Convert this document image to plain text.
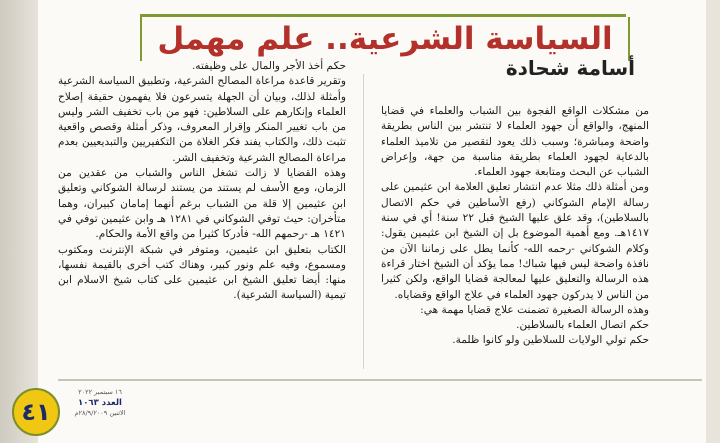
السياسة الشرعية.. علم مهمل
أسامة شحادة

من مشكلات الواقع الفجوة بين الشباب والعلماء في قضايا المنهج، والواقع أن جهود العلماء لا تنتشر بين الناس بطريقة واضحة ومباشرة؛ وسبب ذلك يعود لتقصير من تلاميذ العلماء بالدعاية لجهود العلماء بطريقة مناسبة من جهة، وإعراض الشباب عن البحث ومتابعة جهود العلماء.

ومن أمثلة ذلك مثلا عدم انتشار تعليق العلامة ابن عثيمين على رسالة الإمام الشوكاني (رفع الأساطين في حكم الاتصال بالسلاطين)، وقد علق عليها الشيخ قبل ٢٢ سنة! أي في سنة ١٤١٧هـ. ومع أهمية الموضوع بل إن الشيخ ابن عثيمين يقول: وكلام الشوكاني -رحمه الله- كأنما يطل على زماننا الآن من نافذة واضحة ليس فيها شباك! مما يؤكد أن الشيخ اختار قراءة هذه الرسالة والتعليق عليها لمعالجة قضايا الواقع، ولكن كثيرا من الناس لا يدركون جهود العلماء في علاج الواقع وقضاياه.

وهذه الرسالة الصغيرة تضمنت علاج قضايا مهمة هي:

حكم اتصال العلماء بالسلاطين.

حكم تولي الولايات للسلاطين ولو كانوا ظلمة.

حكم أخذ الأجر والمال على وظيفته.

وتقرير قاعدة مراعاة المصالح الشرعية، وتطبيق السياسة الشرعية وأمثلة لذلك، وبيان أن الجهلة يتسرعون فلا يفهمون حقيقة إصلاح العلماء وإنكارهم على السلاطين: فهو من باب تخفيف الشر وليس من باب تغيير المنكر وإقرار المعروف، وذكر أمثلة وقصص واقعية تثبت ذلك، والكتاب يفند فكر الغلاة من التكفيريين والتبديعيين بعدم مراعاة المصالح الشرعية وتخفيف الشر.

وهذه القضايا لا زالت تشغل الناس والشباب من عقدين من الزمان، ومع الأسف لم يستند من يستند لرسالة الشوكاني وتعليق ابن عثيمين إلا قلة من الشباب برغم أنهما إمامان كبيران، وهما متأخران: حيث توفي الشوكاني في ١٢٨١ هـ وابن عثيمين توفي في ١٤٢١ هـ -رحمهم الله- فأدركا كثيرا من واقع الأمة والحكام.

الكتاب بتعليق ابن عثيمين، ومتوفر في شبكة الإنترنت ومكتوب ومسموع، وفيه علم ونور كبير، وهناك كتب أخرى بالقيمة نفسها، منها: أيضا تعليق الشيخ ابن عثيمين على كتاب شيخ الاسلام ابن تيمية (السياسة الشرعية).

٤١
١٦ سبتمبر ٢٠٢٢
العدد ١٠٦٣
الاثنين ٢٨/٩/٢٠٠٩م
